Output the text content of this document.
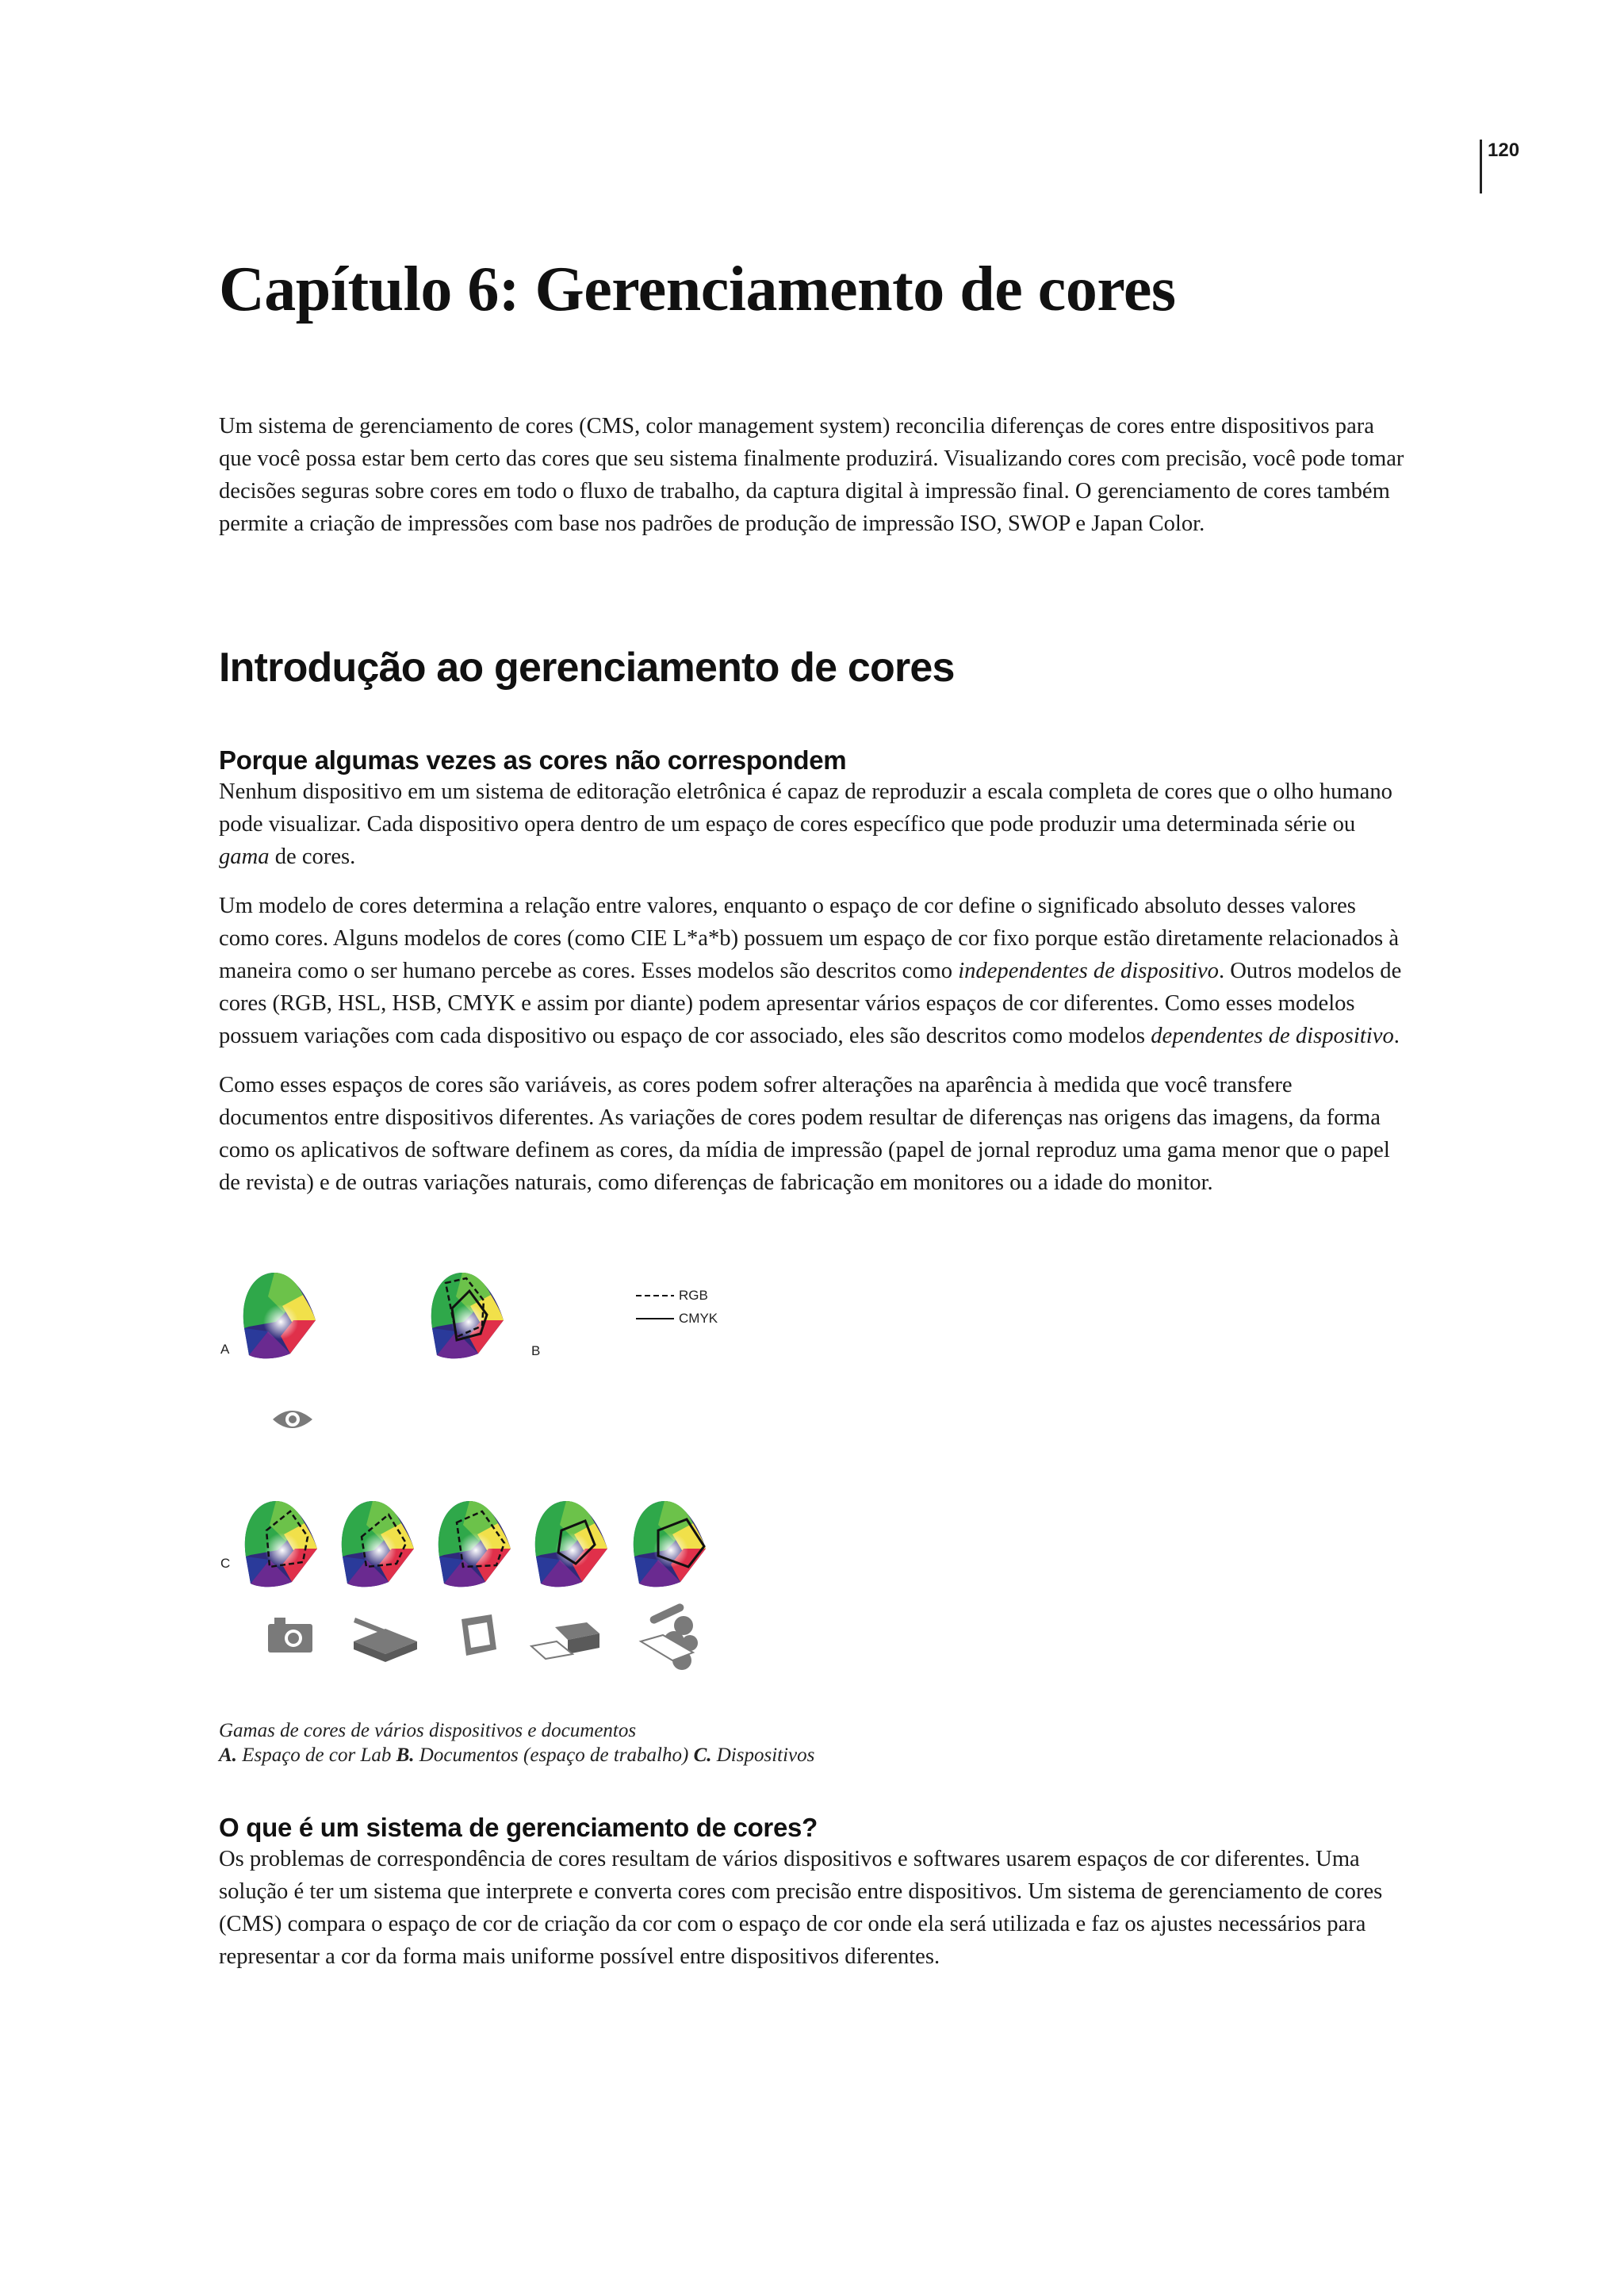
120
Capítulo 6: Gerenciamento de cores

Um sistema de gerenciamento de cores (CMS, color management system) reconcilia diferenças de cores entre dispositivos para que você possa estar bem certo das cores que seu sistema finalmente produzirá. Visualizando cores com precisão, você pode tomar decisões seguras sobre cores em todo o fluxo de trabalho, da captura digital à impressão final. O gerenciamento de cores também permite a criação de impressões com base nos padrões de produção de impressão ISO, SWOP e Japan Color.

Introdução ao gerenciamento de cores
Porque algumas vezes as cores não correspondem

Nenhum dispositivo em um sistema de editoração eletrônica é capaz de reproduzir a escala completa de cores que o olho humano pode visualizar. Cada dispositivo opera dentro de um espaço de cores específico que pode produzir uma determinada série ou gama de cores.

Um modelo de cores determina a relação entre valores, enquanto o espaço de cor define o significado absoluto desses valores como cores. Alguns modelos de cores (como CIE L*a*b) possuem um espaço de cor fixo porque estão diretamente relacionados à maneira como o ser humano percebe as cores. Esses modelos são descritos como independentes de dispositivo. Outros modelos de cores (RGB, HSL, HSB, CMYK e assim por diante) podem apresentar vários espaços de cor diferentes. Como esses modelos possuem variações com cada dispositivo ou espaço de cor associado, eles são descritos como modelos dependentes de dispositivo.

Como esses espaços de cores são variáveis, as cores podem sofrer alterações na aparência à medida que você transfere documentos entre dispositivos diferentes. As variações de cores podem resultar de diferenças nas origens das imagens, da forma como os aplicativos de software definem as cores, da mídia de impressão (papel de jornal reproduz uma gama menor que o papel de revista) e de outras variações naturais, como diferenças de fabricação em monitores ou a idade do monitor.

A	B
C
RGB
CMYK
Gamas de cores de vários dispositivos e documentos
A. Espaço de cor Lab B. Documentos (espaço de trabalho) C. Dispositivos
O que é um sistema de gerenciamento de cores?

Os problemas de correspondência de cores resultam de vários dispositivos e softwares usarem espaços de cor diferentes. Uma solução é ter um sistema que interprete e converta cores com precisão entre dispositivos. Um sistema de gerenciamento de cores (CMS) compara o espaço de cor de criação da cor com o espaço de cor onde ela será utilizada e faz os ajustes necessários para representar a cor da forma mais uniforme possível entre dispositivos diferentes.
